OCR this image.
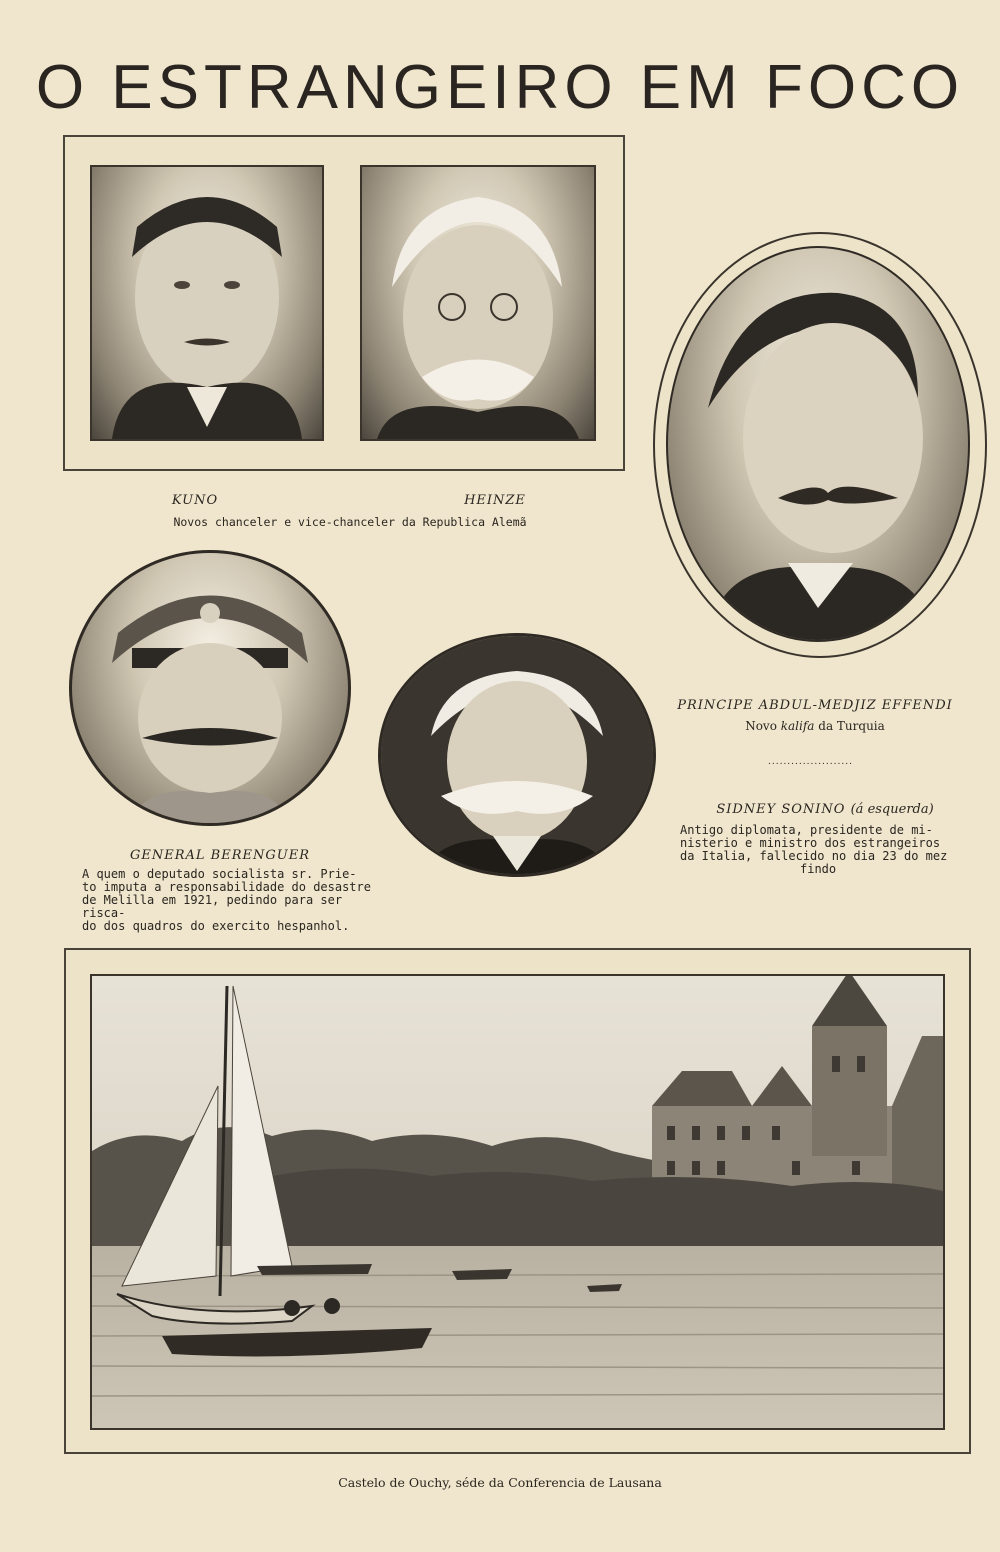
O ESTRANGEIRO EM FOCO
KUNO	HEINZE
Novos chanceler e vice-chanceler da Republica Alemã
PRINCIPE ABDUL-MEDJIZ EFFENDI
Novo kalifa da Turquia
......................
SIDNEY SONINO (á esquerda)
Antigo diplomata, presidente de mi-
nisterio e ministro dos estrangeiros
da Italia, fallecido no dia 23 do mez
findo
GENERAL BERENGUER
A quem o deputado socialista sr. Prie-
to imputa a responsabilidade do desastre
de Melilla em 1921, pedindo para ser risca-
do dos quadros do exercito hespanhol.
Castelo de Ouchy, séde da Conferencia de Lausana
